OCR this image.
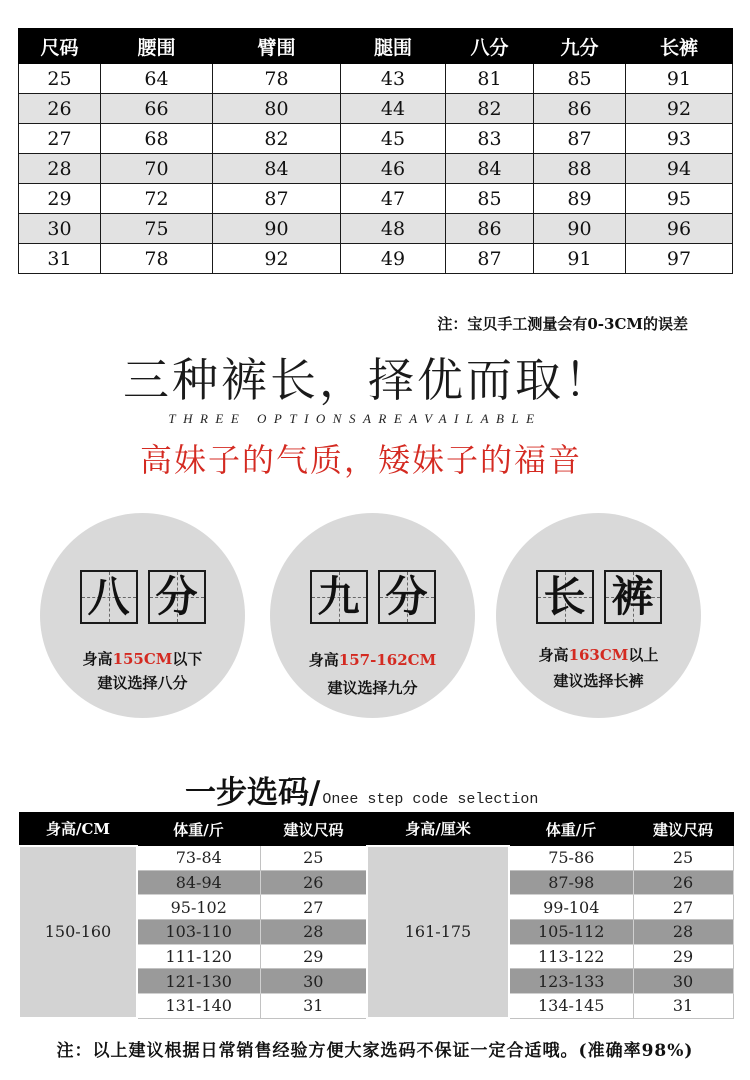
尺码	腰围	臂围	腿围	八分	九分	长裤
25	64	78	43	81	85	91
26	66	80	44	82	86	92
27	68	82	45	83	87	93
28	70	84	46	84	88	94
29	72	87	47	85	89	95
30	75	90	48	86	90	96
31	78	92	49	87	91	97
注：宝贝手工测量会有0-3CM的误差
三种裤长，择优而取！
THREE OPTIONSAREAVAILABLE
高妹子的气质，矮妹子的福音
八 分
身高155CM以下
建议选择八分
九 分
身高157-162CM
建议选择九分
长 裤
身高163CM以上
建议选择长裤
一步选码/ Onee step code selection
身高/CM	体重/斤	建议尺码	身高/厘米	体重/斤	建议尺码
150-160	73-84	25	161-175	75-86	25
	84-94	26		87-98	26
	95-102	27		99-104	27
	103-110	28		105-112	28
	111-120	29		113-122	29
	121-130	30		123-133	30
	131-140	31		134-145	31
注：以上建议根据日常销售经验方便大家选码不保证一定合适哦。(准确率98%)
